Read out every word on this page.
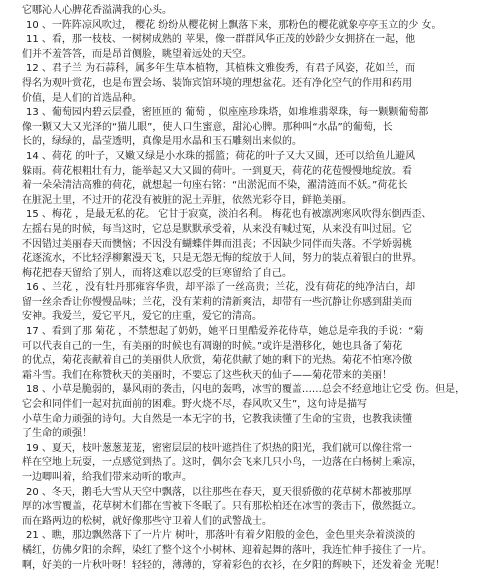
它哪沁人心脾花香溢满我的心头。
10 、一阵阵凉风吹过， 樱花 纷纷从樱花树上飘落下来，那粉色的樱花就象亭亭玉立的少 女。
11 、看，那一枝枝、一树树成熟的 苹果，像一群群风华正茂的妙龄少女拥挤在一起，他
们并不羞答答，而是昂首侧脸，眺望着远处的天空。
12 、君子兰 为石蒜科，属多年生草本植物，其植株文雅俊秀，有君子风姿，花如兰，而
得名为观叶赏花，也是布置会场、装饰宾馆环境的理想盆花。还有净化空气的作用和药用
价值，是人们的首选品种。
13 、葡萄园内碧云层叠，密匝匝的 葡萄 ，似座座珍珠塔，如堆堆翡翠珠，每一颗颗葡萄都
像一颗又大又光泽的“猫儿眼”，使人口生蜜意，甜沁心脾。那种叫“水晶”的葡萄，长
长的，绿绿的，晶莹透明，真像是用水晶和玉石雕刻出来似的。
14 、荷花 的叶子，又嫩又绿是小水珠的摇篮；荷花的叶子又大又圆，还可以给鱼儿避风
躲雨。荷花根粗壮有力，能举起又大又圆的荷叶。一到夏天，荷花的花苞慢慢地绽放。看
着一朵朵清洁高雅的荷花，就想起一句座右铭：“出淤泥而不染，濯清涟而不妖。”荷花长
在脏泥土里，不过开的花没有被脏的泥土弄脏，依然光彩夺目，鲜艳美丽。
15 、梅花 ，是最无私的花。 它甘于寂寞，淡泊名利。 梅花也有被凛冽寒风吹得东倒西歪、
左摇右晃的时候，每当这时，它总是默默承受着，从来没有喊过冤，从来没有叫过屈。它
不因错过美丽春天而懊恼；不因没有蝴蝶伴舞而沮丧；不因缺少同伴而失落。不学娇弱桃
花逐流水，不比轻浮柳絮漫天飞，只是无怨无悔的绽放于人间，努力的装点着银白的世界。
梅花把春天留给了别人，而将这难以忍受的巨寒留给了自己。
16 、兰花 ，没有牡丹那雍容华贵，却平添了一丝高贵；兰花，没有荷花的纯净洁白，却
留一丝余香让你慢慢品味；兰花，没有茉莉的清新爽洁，却带有一些沉静让你感到甜美而
安神。我爱兰，爱它平凡，爱它的庄重，爱它的清高。
17 、看到了那 菊花 ，不禁想起了奶奶，她平日里酷爱养花侍草，她总是牵我的手说：“菊
可以代表自己的一生，有美丽的时候也有凋谢的时候。”或许是潜移化，她也具备了菊花
的优点，菊花丧献着自己的美丽供人欣赏，菊花供献了她的剩下的光热。菊花不怕寒冷傲
霜斗雪。我们在称赞秋天的美丽时，不要忘了这些秋天的仙子——菊花带来的美丽！
18 、小草是脆弱的，暴风雨的袭击，闪电的轰鸣，冰雪的覆盖……总会不经意地让它受 伤。但是，
它会和同伴们一起对抗面前的困难。野火烧不尽，春风吹又生”，这句诗是描写
小草生命力顽强的诗句。大自然是一本无字的书，它教我读懂了生命的宝贵，也教我读懂
了生命的顽强！
19 、夏天，枝叶葱葱茏茏，密密层层的枝叶遮挡住了炽热的阳光，我们就可以像往常一
样在空地上玩耍，一点感觉到热了。这时，偶尔会飞来几只小鸟，一边落在白杨树上乘凉，
一边唧叫着，给我们带来动听的歌声。
20 、冬天，鹅毛大雪从天空中飘落，以往那些在春天，夏天很骄傲的花草树木都被那厚
厚的冰雪覆盖，花草树木们都在雪被下冬眠了。只有那松柏还在冰雪的袭击下，傲然挺立。
而在路两边的松树，就好像那些守卫着人们的武警战士。
21 、瞧，那边飘然落下了一片片 树叶，那落叶有着夕阳般的金色，金色里夹杂着淡淡的
橘红，仿佛夕阳的余辉，染红了整个这个小树林、迎着起舞的落叶，我连忙伸手接住了一片。
啊，好美的一片秋叶呀！轻轻的，薄薄的，穿着彩色的衣衫，在夕阳的辉映下，还发着金 光呢！
